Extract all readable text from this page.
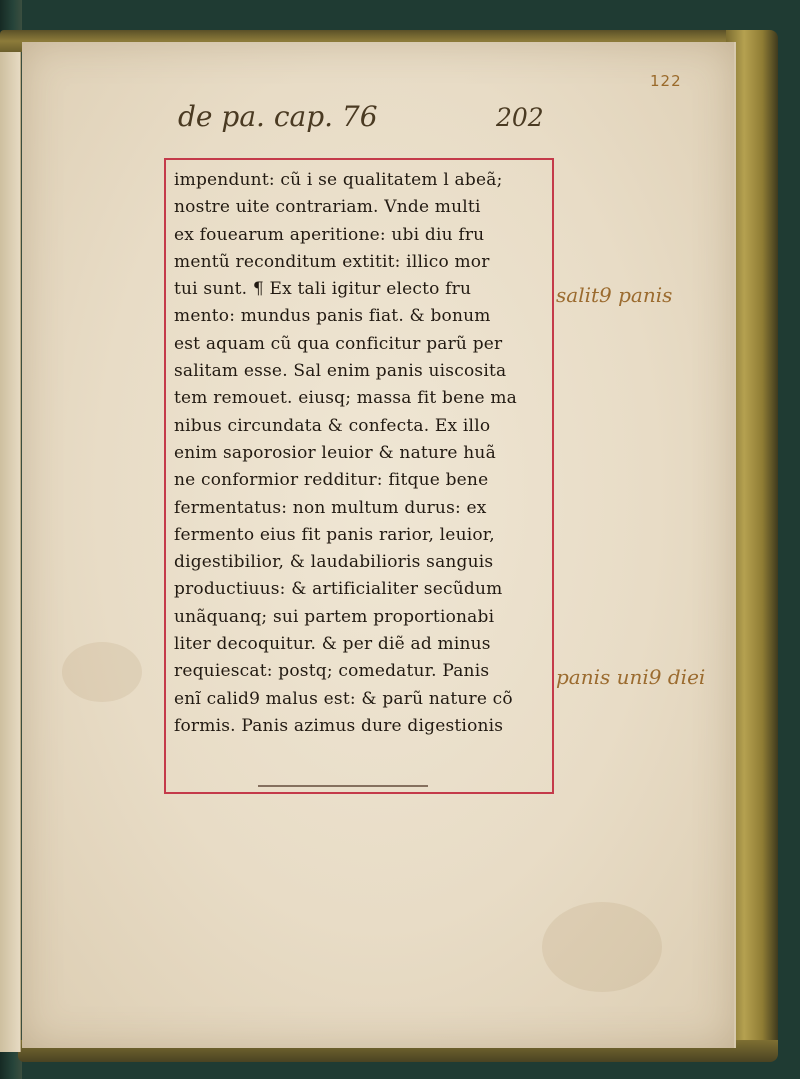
122
de pa. cap. 76	202
impendunt: cũ i se qualitatem l abeã;
nostre uite contrariam. Vnde multi
ex fouearum aperitione: ubi diu fru
mentũ reconditum extitit: illico mor
tui sunt. ¶ Ex tali igitur electo fru
mento: mundus panis fiat. & bonum
est aquam cũ qua conficitur parũ per
salitam esse. Sal enim panis uiscosita
tem remouet. eiusq; massa fit bene ma
nibus circundata & confecta. Ex illo
enim saporosior leuior & nature huã
ne conformior redditur: fitque bene
fermentatus: non multum durus: ex
fermento eius fit panis rarior, leuior,
digestibilior, & laudabilioris sanguis
productiuus: & artificialiter secũdum
unãquanq; sui partem proportionabi
liter decoquitur. & per diẽ ad minus
requiescat: postq; comedatur. Panis
enĩ calid9 malus est: & parũ nature cõ
formis. Panis azimus dure digestionis
salit9 panis
panis uni9 diei
